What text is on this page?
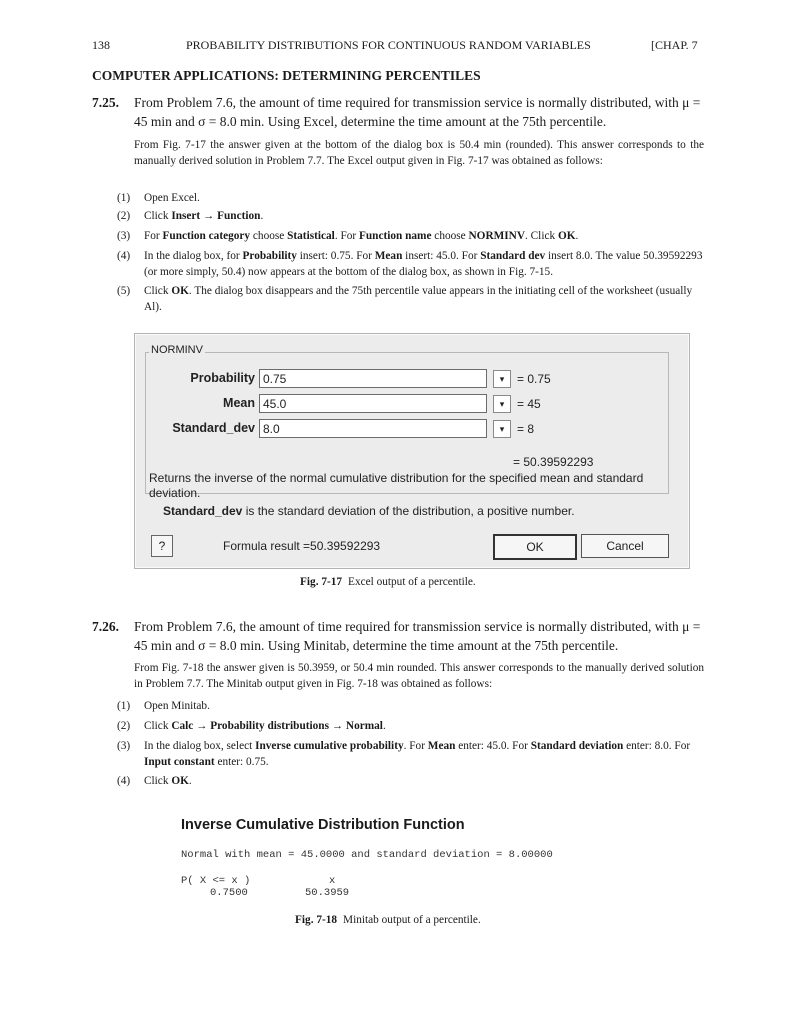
138	PROBABILITY DISTRIBUTIONS FOR CONTINUOUS RANDOM VARIABLES	[CHAP. 7
COMPUTER APPLICATIONS: DETERMINING PERCENTILES
7.25. From Problem 7.6, the amount of time required for transmission service is normally distributed, with μ = 45 min and σ = 8.0 min. Using Excel, determine the time amount at the 75th percentile.
From Fig. 7-17 the answer given at the bottom of the dialog box is 50.4 min (rounded). This answer corresponds to the manually derived solution in Problem 7.7. The Excel output given in Fig. 7-17 was obtained as follows:
(1) Open Excel.
(2) Click Insert → Function.
(3) For Function category choose Statistical. For Function name choose NORMINV. Click OK.
(4) In the dialog box, for Probability insert: 0.75. For Mean insert: 45.0. For Standard dev insert 8.0. The value 50.39592293 (or more simply, 50.4) now appears at the bottom of the dialog box, as shown in Fig. 7-15.
(5) Click OK. The dialog box disappears and the 75th percentile value appears in the initiating cell of the worksheet (usually Al).
NORMINV
Probability 0.75	▾	= 0.75
Mean 45.0	▾	= 45
Standard_dev 8.0	▾	= 8
= 50.39592293
Returns the inverse of the normal cumulative distribution for the specified mean and standard deviation.
Standard_dev is the standard deviation of the distribution, a positive number.
?	Formula result =50.39592293	OK	Cancel
Fig. 7-17 Excel output of a percentile.
7.26. From Problem 7.6, the amount of time required for transmission service is normally distributed, with μ = 45 min and σ = 8.0 min. Using Minitab, determine the time amount at the 75th percentile.
From Fig. 7-18 the answer given is 50.3959, or 50.4 min rounded. This answer corresponds to the manually derived solution in Problem 7.7. The Minitab output given in Fig. 7-18 was obtained as follows:
(1) Open Minitab.
(2) Click Calc → Probability distributions → Normal.
(3) In the dialog box, select Inverse cumulative probability. For Mean enter: 45.0. For Standard deviation enter: 8.0. For Input constant enter: 0.75.
(4) Click OK.
Inverse Cumulative Distribution Function
Normal with mean = 45.0000 and standard deviation = 8.00000
P( X <= x )	x
0.7500	50.3959
Fig. 7-18 Minitab output of a percentile.
